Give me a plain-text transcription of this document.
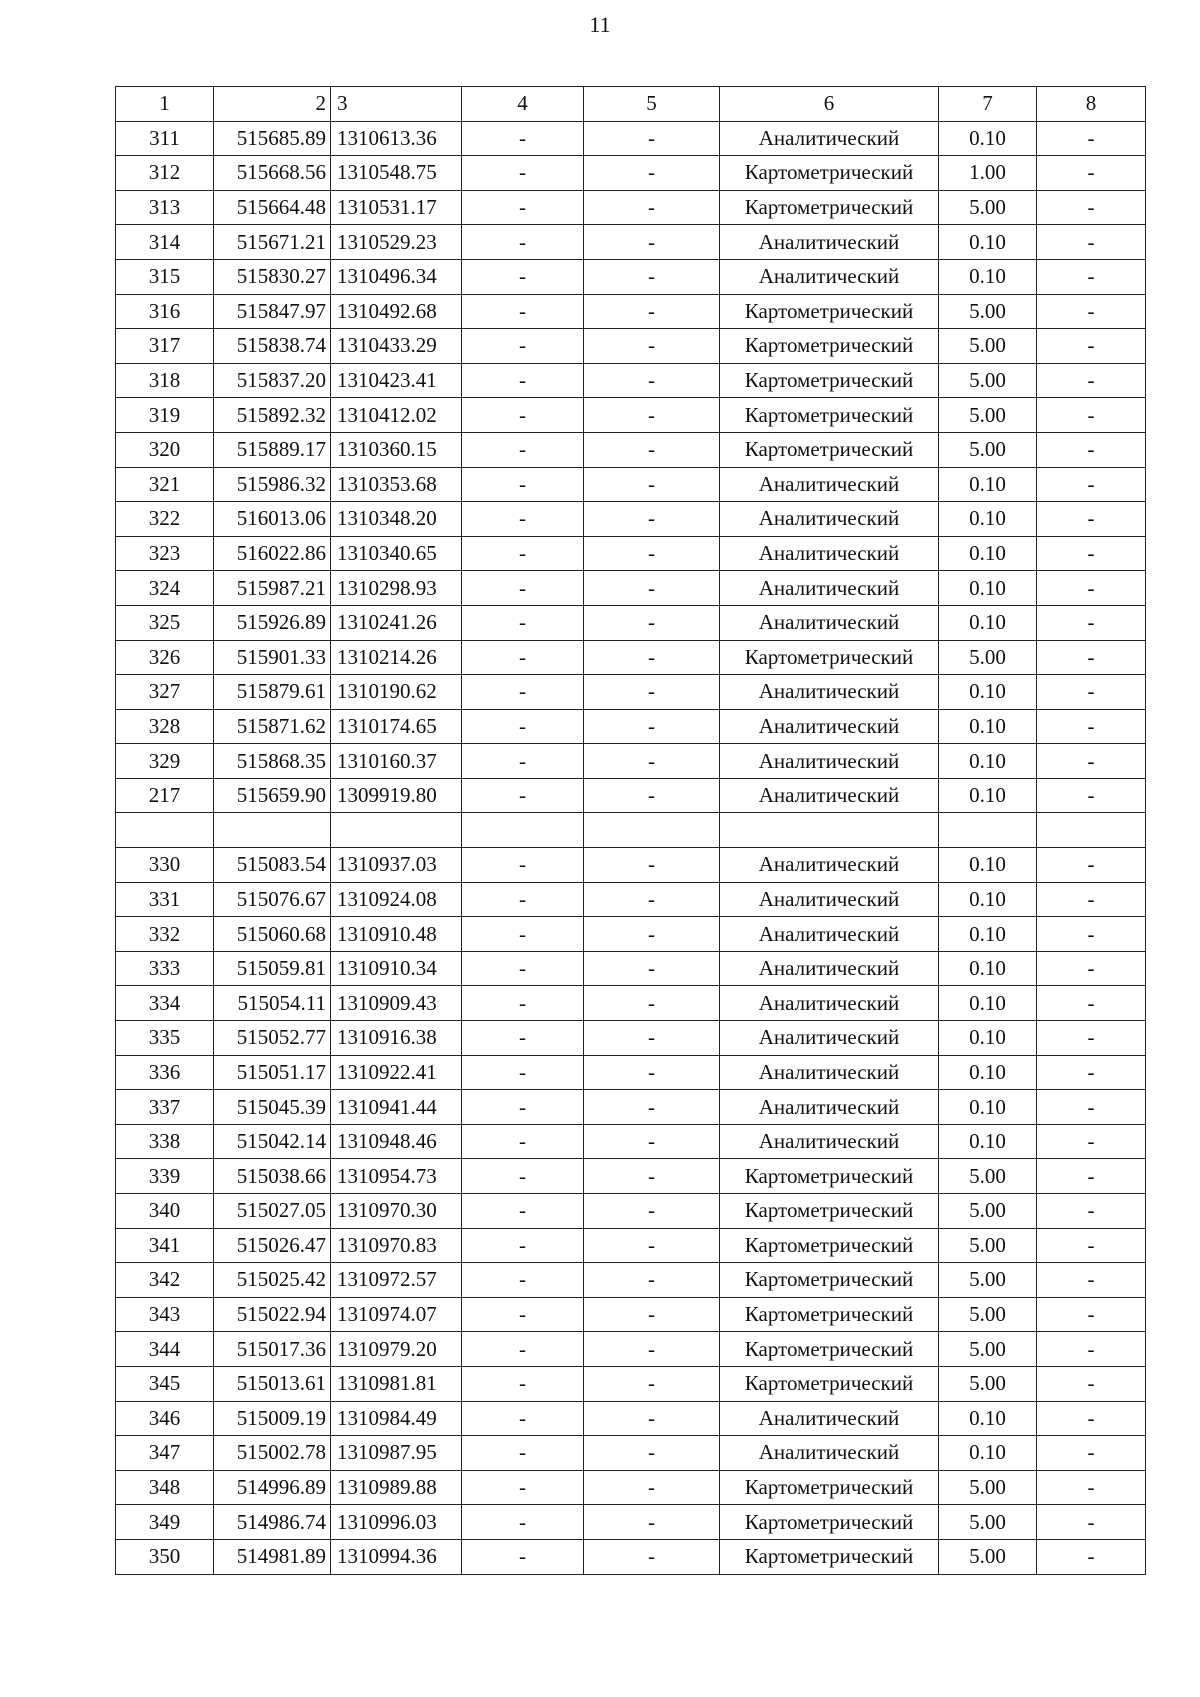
11
1	2	3	4	5	6	7	8
311	515685.89	1310613.36	-	-	Аналитический	0.10	-
312	515668.56	1310548.75	-	-	Картометрический	1.00	-
313	515664.48	1310531.17	-	-	Картометрический	5.00	-
314	515671.21	1310529.23	-	-	Аналитический	0.10	-
315	515830.27	1310496.34	-	-	Аналитический	0.10	-
316	515847.97	1310492.68	-	-	Картометрический	5.00	-
317	515838.74	1310433.29	-	-	Картометрический	5.00	-
318	515837.20	1310423.41	-	-	Картометрический	5.00	-
319	515892.32	1310412.02	-	-	Картометрический	5.00	-
320	515889.17	1310360.15	-	-	Картометрический	5.00	-
321	515986.32	1310353.68	-	-	Аналитический	0.10	-
322	516013.06	1310348.20	-	-	Аналитический	0.10	-
323	516022.86	1310340.65	-	-	Аналитический	0.10	-
324	515987.21	1310298.93	-	-	Аналитический	0.10	-
325	515926.89	1310241.26	-	-	Аналитический	0.10	-
326	515901.33	1310214.26	-	-	Картометрический	5.00	-
327	515879.61	1310190.62	-	-	Аналитический	0.10	-
328	515871.62	1310174.65	-	-	Аналитический	0.10	-
329	515868.35	1310160.37	-	-	Аналитический	0.10	-
217	515659.90	1309919.80	-	-	Аналитический	0.10	-

330	515083.54	1310937.03	-	-	Аналитический	0.10	-
331	515076.67	1310924.08	-	-	Аналитический	0.10	-
332	515060.68	1310910.48	-	-	Аналитический	0.10	-
333	515059.81	1310910.34	-	-	Аналитический	0.10	-
334	515054.11	1310909.43	-	-	Аналитический	0.10	-
335	515052.77	1310916.38	-	-	Аналитический	0.10	-
336	515051.17	1310922.41	-	-	Аналитический	0.10	-
337	515045.39	1310941.44	-	-	Аналитический	0.10	-
338	515042.14	1310948.46	-	-	Аналитический	0.10	-
339	515038.66	1310954.73	-	-	Картометрический	5.00	-
340	515027.05	1310970.30	-	-	Картометрический	5.00	-
341	515026.47	1310970.83	-	-	Картометрический	5.00	-
342	515025.42	1310972.57	-	-	Картометрический	5.00	-
343	515022.94	1310974.07	-	-	Картометрический	5.00	-
344	515017.36	1310979.20	-	-	Картометрический	5.00	-
345	515013.61	1310981.81	-	-	Картометрический	5.00	-
346	515009.19	1310984.49	-	-	Аналитический	0.10	-
347	515002.78	1310987.95	-	-	Аналитический	0.10	-
348	514996.89	1310989.88	-	-	Картометрический	5.00	-
349	514986.74	1310996.03	-	-	Картометрический	5.00	-
350	514981.89	1310994.36	-	-	Картометрический	5.00	-
